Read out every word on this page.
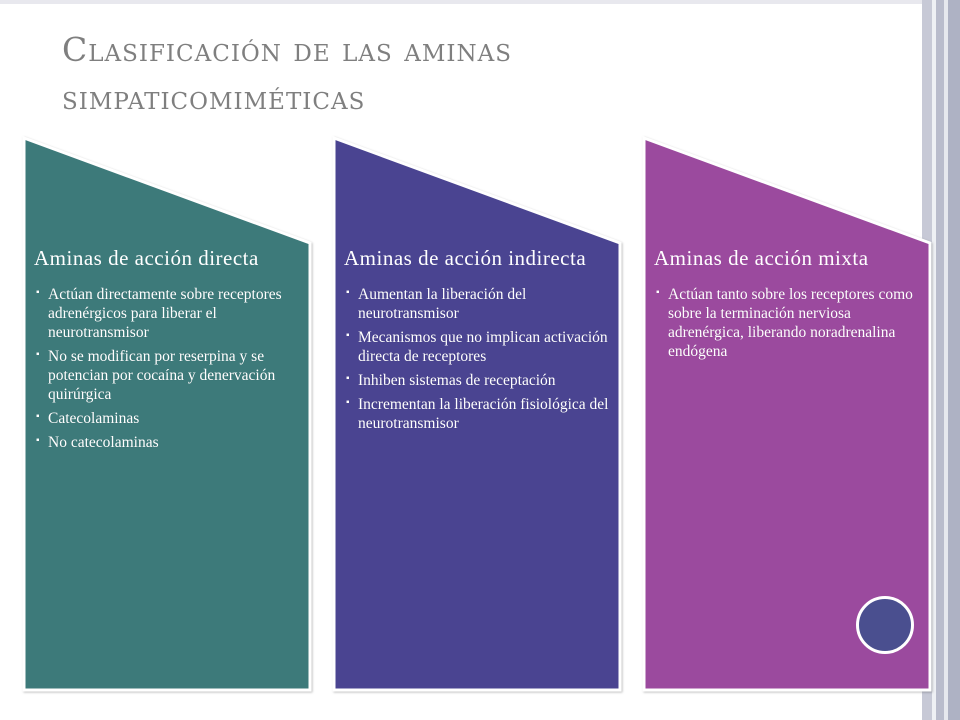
Clasificación de las aminas
simpaticomiméticas
Aminas de acción directa
▪ Actúan directamente sobre receptores adrenérgicos para liberar el neurotransmisor
▪ No se modifican por reserpina y se potencian por cocaína y denervación quirúrgica
▪ Catecolaminas
▪ No catecolaminas
Aminas de acción indirecta
▪ Aumentan la liberación del neurotransmisor
▪ Mecanismos que no implican activación directa de receptores
▪ Inhiben sistemas de receptación
▪ Incrementan la liberación fisiológica del neurotransmisor
Aminas de acción mixta
▪ Actúan tanto sobre los receptores como sobre la terminación nerviosa adrenérgica, liberando noradrenalina endógena
